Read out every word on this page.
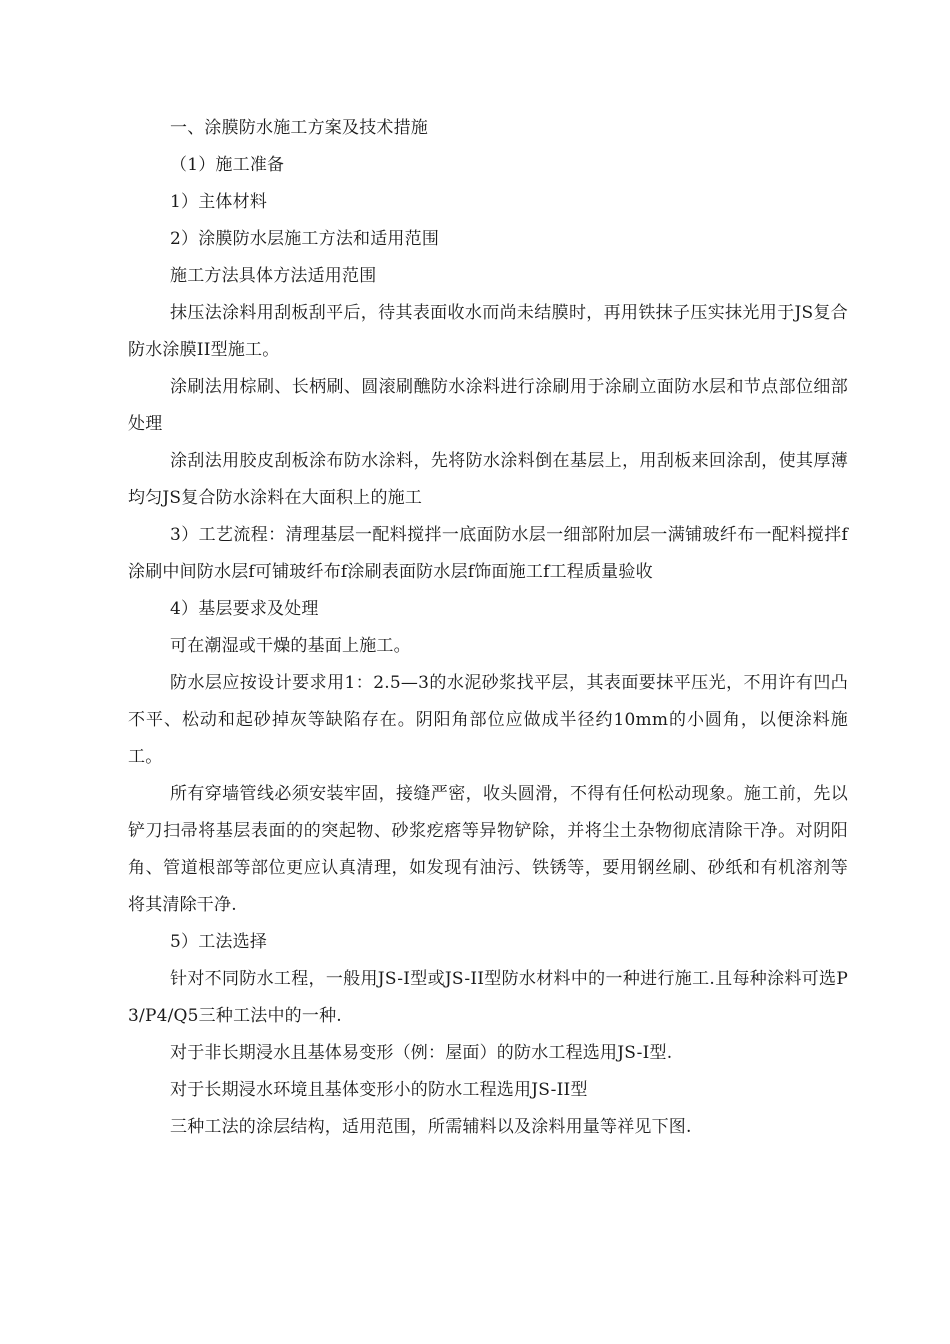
一、涂膜防水施工方案及技术措施

（1）施工准备

1）主体材料

2）涂膜防水层施工方法和适用范围

施工方法具体方法适用范围

抹压法涂料用刮板刮平后，待其表面收水而尚未结膜时，再用铁抹子压实抹光用于JS复合防水涂膜II型施工。

涂刷法用棕刷、长柄刷、圆滚刷醮防水涂料进行涂刷用于涂刷立面防水层和节点部位细部处理

涂刮法用胶皮刮板涂布防水涂料，先将防水涂料倒在基层上，用刮板来回涂刮，使其厚薄均匀JS复合防水涂料在大面积上的施工

3）工艺流程：清理基层一配料搅拌一底面防水层一细部附加层一满铺玻纤布一配料搅拌f涂刷中间防水层f可铺玻纤布f涂刷表面防水层f饰面施工f工程质量验收

4）基层要求及处理

可在潮湿或干燥的基面上施工。

防水层应按设计要求用1：2.5—3的水泥砂浆找平层，其表面要抹平压光，不用许有凹凸不平、松动和起砂掉灰等缺陷存在。阴阳角部位应做成半径约10mm的小圆角，以便涂料施工。

所有穿墙管线必须安装牢固，接缝严密，收头圆滑，不得有任何松动现象。施工前，先以铲刀扫帚将基层表面的的突起物、砂浆疙瘩等异物铲除，并将尘土杂物彻底清除干净。对阴阳角、管道根部等部位更应认真清理，如发现有油污、铁锈等，要用钢丝刷、砂纸和有机溶剂等将其清除干净.

5）工法选择

针对不同防水工程，一般用JS-I型或JS-II型防水材料中的一种进行施工.且每种涂料可选P3/P4/Q5三种工法中的一种.

对于非长期浸水且基体易变形（例：屋面）的防水工程选用JS-I型.

对于长期浸水环境且基体变形小的防水工程选用JS-II型

三种工法的涂层结构，适用范围，所需辅料以及涂料用量等祥见下图.
